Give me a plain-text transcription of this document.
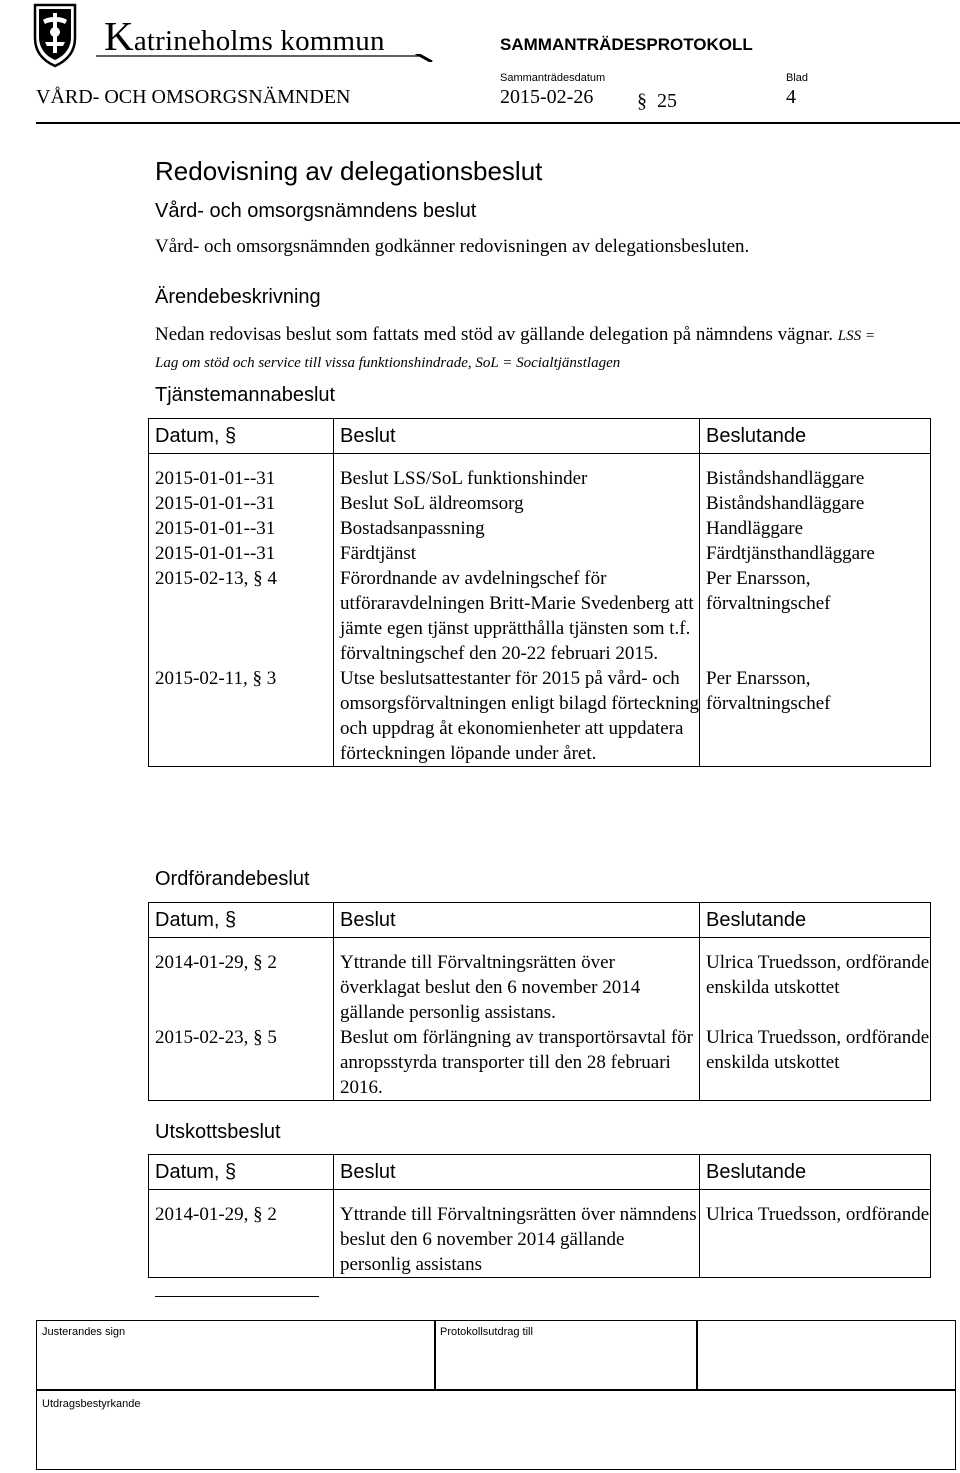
Katrineholms kommun	SAMMANTRÄDESPROTOKOLL
Sammanträdesdatum	Blad
VÅRD- OCH OMSORGSNÄMNDEN	2015-02-26 § 25	4
Redovisning av delegationsbeslut
Vård- och omsorgsnämndens beslut
Vård- och omsorgsnämnden godkänner redovisningen av delegationsbesluten.
Ärendebeskrivning
Nedan redovisas beslut som fattats med stöd av gällande delegation på nämndens vägnar. LSS = Lag om stöd och service till vissa funktionshindrade, SoL = Socialtjänstlagen
Tjänstemannabeslut
Datum, §	Beslut	Beslutande

2015-01-01--31	Beslut LSS/SoL funktionshinder	Biståndshandläggare
2015-01-01--31	Beslut SoL äldreomsorg	Biståndshandläggare
2015-01-01--31	Bostadsanpassning	Handläggare
2015-01-01--31	Färdtjänst	Färdtjänsthandläggare
2015-02-13, § 4	Förordnande av avdelningschef för utföraravdelningen Britt-Marie Svedenberg att jämte egen tjänst upprätthålla tjänsten som t.f. förvaltningschef den 20-22 februari 2015.	Per Enarsson, förvaltningschef
2015-02-11, § 3	Utse beslutsattestanter för 2015 på vård- och omsorgsförvaltningen enligt bilagd förteckning och uppdrag åt ekonomienheter att uppdatera förteckningen löpande under året.	Per Enarsson, förvaltningschef
Ordförandebeslut
Datum, §	Beslut	Beslutande

2014-01-29, § 2	Yttrande till Förvaltningsrätten över överklagat beslut den 6 november 2014 gällande personlig assistans.	Ulrica Truedsson, ordförande enskilda utskottet
2015-02-23, § 5	Beslut om förlängning av transportörsavtal för anropsstyrda transporter till den 28 februari 2016.	Ulrica Truedsson, ordförande enskilda utskottet
Utskottsbeslut
Datum, §	Beslut	Beslutande

2014-01-29, § 2	Yttrande till Förvaltningsrätten över nämndens beslut den 6 november 2014 gällande personlig assistans	Ulrica Truedsson, ordförande
Justerandes sign	Protokollsutdrag till
Utdragsbestyrkande
